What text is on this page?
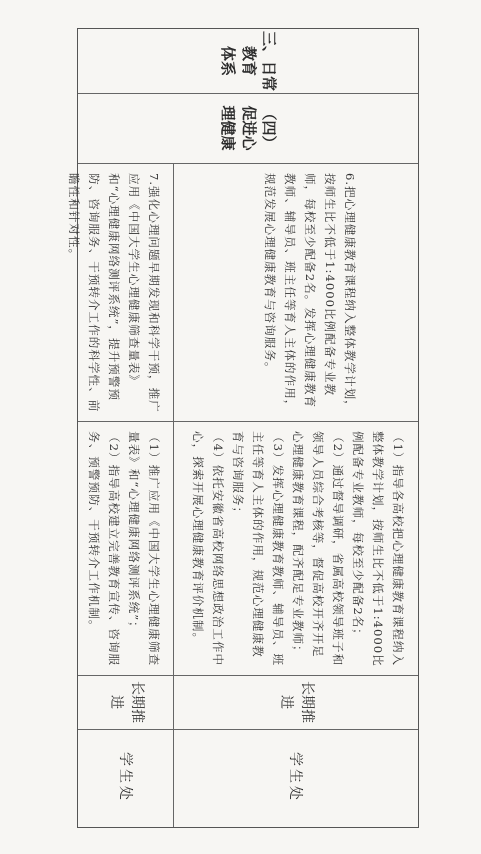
三、日常
教育
体系
（四）
促进心
理健康
6.把心理健康教育课程纳入整体教学计划，按师生比不低于1:4000比例配备专业教师，每校至少配备2名。发挥心理健康教育教师、辅导员、班主任等育人主体的作用，规范发展心理健康教育与咨询服务。
（1）指导各高校把心理健康教育课程纳入整体教学计划，按师生比不低于1:4000比例配备专业教师，每校至少配备2名；
（2）通过督导调研，省属高校领导班子和领导人员综合考核等，督促高校开齐开足心理健康教育课程，配齐配足专业教师；
（3）发挥心理健康教育教师、辅导员、班主任等育人主体的作用，规范心理健康教育与咨询服务；
（4）依托安徽省高校网络思想政治工作中心，探索开展心理健康教育评价机制。
长期推进
学生处
7.强化心理问题早期发现和科学干预，推广应用《中国大学生心理健康筛查量表》和“心理健康网络测评系统”，提升预警预防、咨询服务、干预转介工作的科学性、前瞻性和针对性。
（1）推广应用《中国大学生心理健康筛查量表》和“心理健康网络测评系统”；
（2）指导高校建立完善教育宣传、咨询服务、预警预防、干预转介工作机制。
长期推进
学生处
